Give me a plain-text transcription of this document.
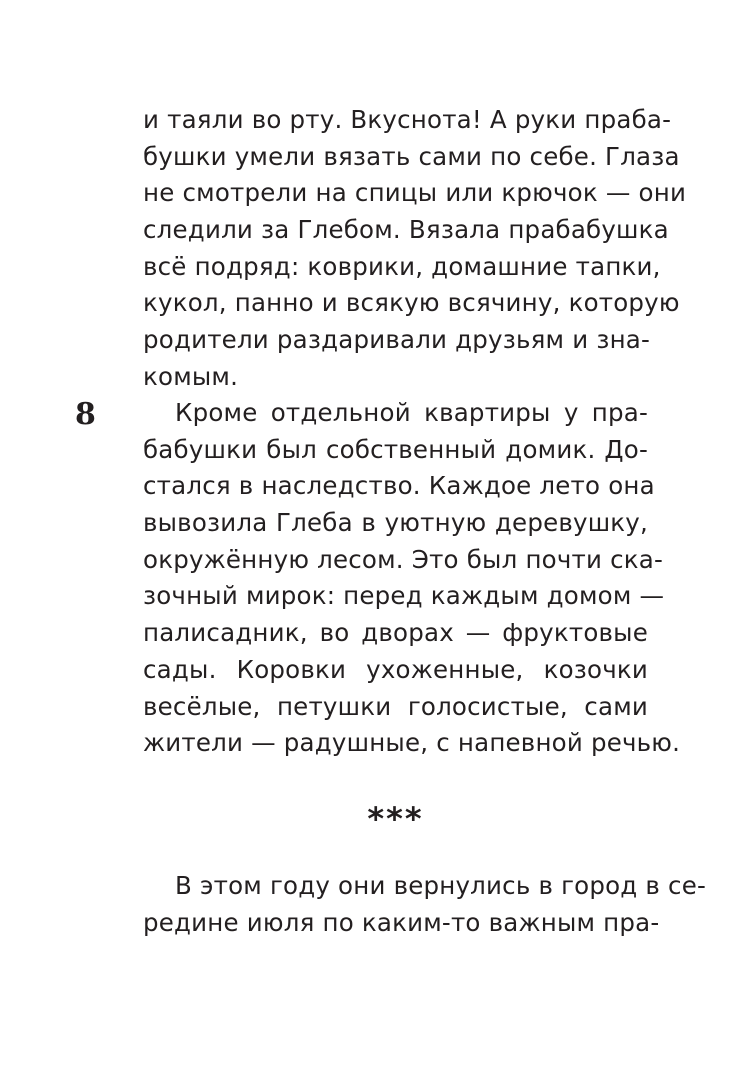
и таяли во рту. Вкуснота! А руки праба-
бушки умели вязать сами по себе. Глаза
не смотрели на спицы или крючок — они
следили за Глебом. Вязала прабабушка
всё подряд: коврики, домашние тапки,
кукол, панно и всякую всячину, которую
родители раздаривали друзьям и зна-
комым.
8	Кроме отдельной квартиры у пра-
бабушки был собственный домик. До-
стался в наследство. Каждое лето она
вывозила Глеба в уютную деревушку,
окружённую лесом. Это был почти ска-
зочный мирок: перед каждым домом —
палисадник, во дворах — фруктовые
сады. Коровки ухоженные, козочки
весёлые, петушки голосистые, сами
жители — радушные, с напевной речью.
***
В этом году они вернулись в город в се-
редине июля по каким-то важным пра-
